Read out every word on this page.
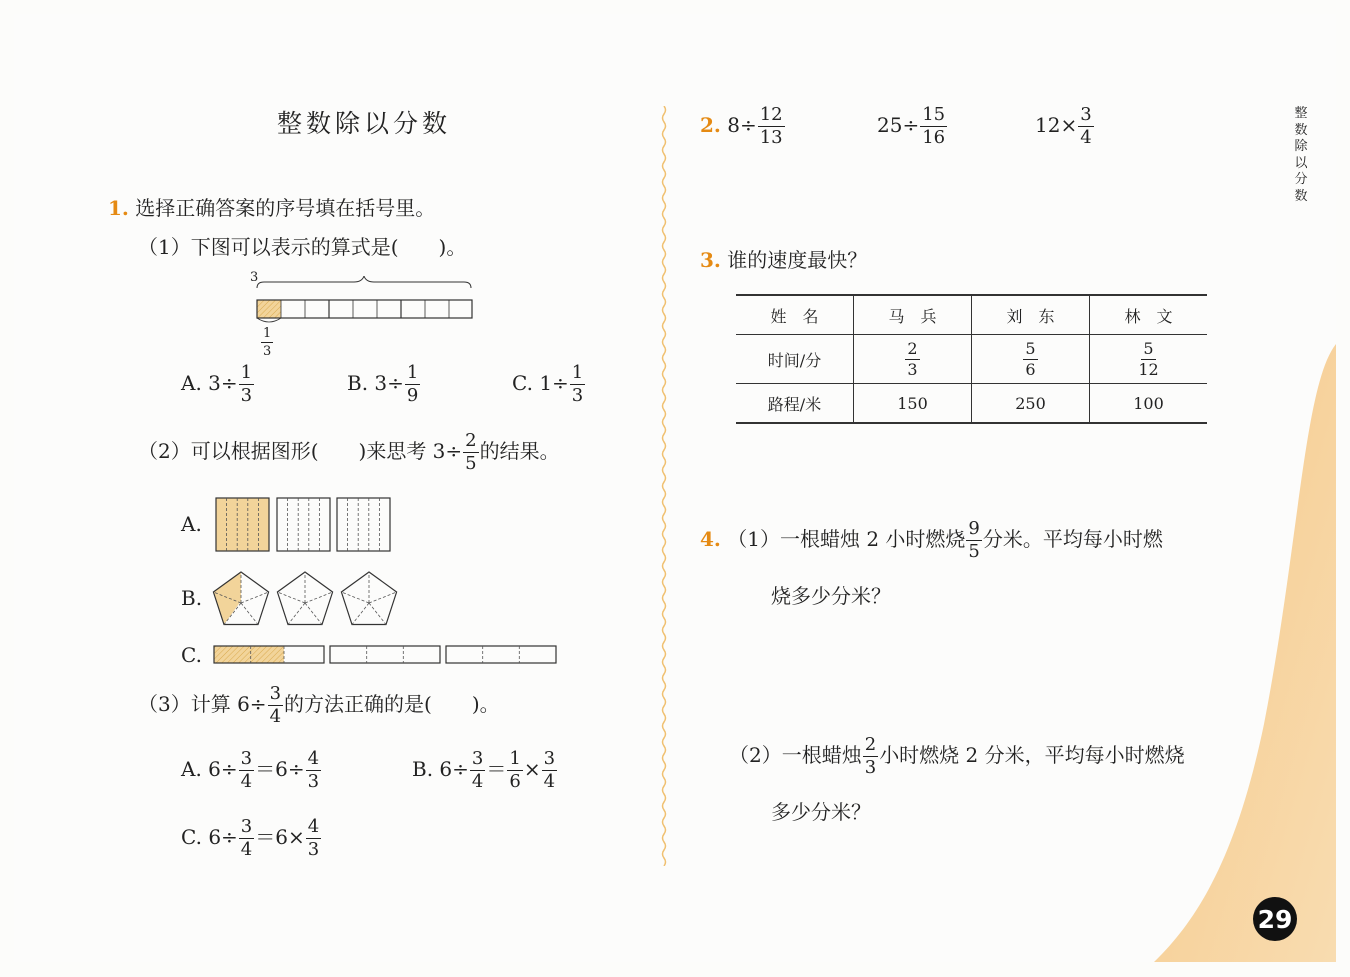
整
数
除
以
分
数
29
整数除以分数
1. 选择正确答案的序号填在括号里。
（1）下图可以表示的算式是(　　)。
3
$\frac{1}{3}$
A. $3\div \frac{1}{3}$	B. $3\div \frac{1}{9}$	C. $1\div \frac{1}{3}$
（2）可以根据图形(　　)来思考 $3\div \frac{2}{5}$ 的结果。
A.
B.
C.
（3）计算 $6\div \frac{3}{4}$ 的方法正确的是(　　)。
A. $6\div \frac{3}{4} =6\div \frac{4}{3}$	B. $6\div \frac{3}{4} = \frac{1}{6} \times \frac{3}{4}$
C. $6\div \frac{3}{4} =6\times \frac{4}{3}$
2. $8\div \frac{12}{13}$	$25\div \frac{15}{16}$	$12\times \frac{3}{4}$
3. 谁的速度最快？
姓　名	马　兵	刘　东	林　文
时间/分	$\frac{2}{3}$	$\frac{5}{6}$	$\frac{5}{12}$

路程/米	150	250	100
4. （1）一根蜡烛 2 小时燃烧 $\frac{9}{5}$ 分米。平均每小时燃
烧多少分米？
（2）一根蜡烛 $\frac{2}{3}$ 小时燃烧 2 分米，平均每小时燃烧
多少分米？
